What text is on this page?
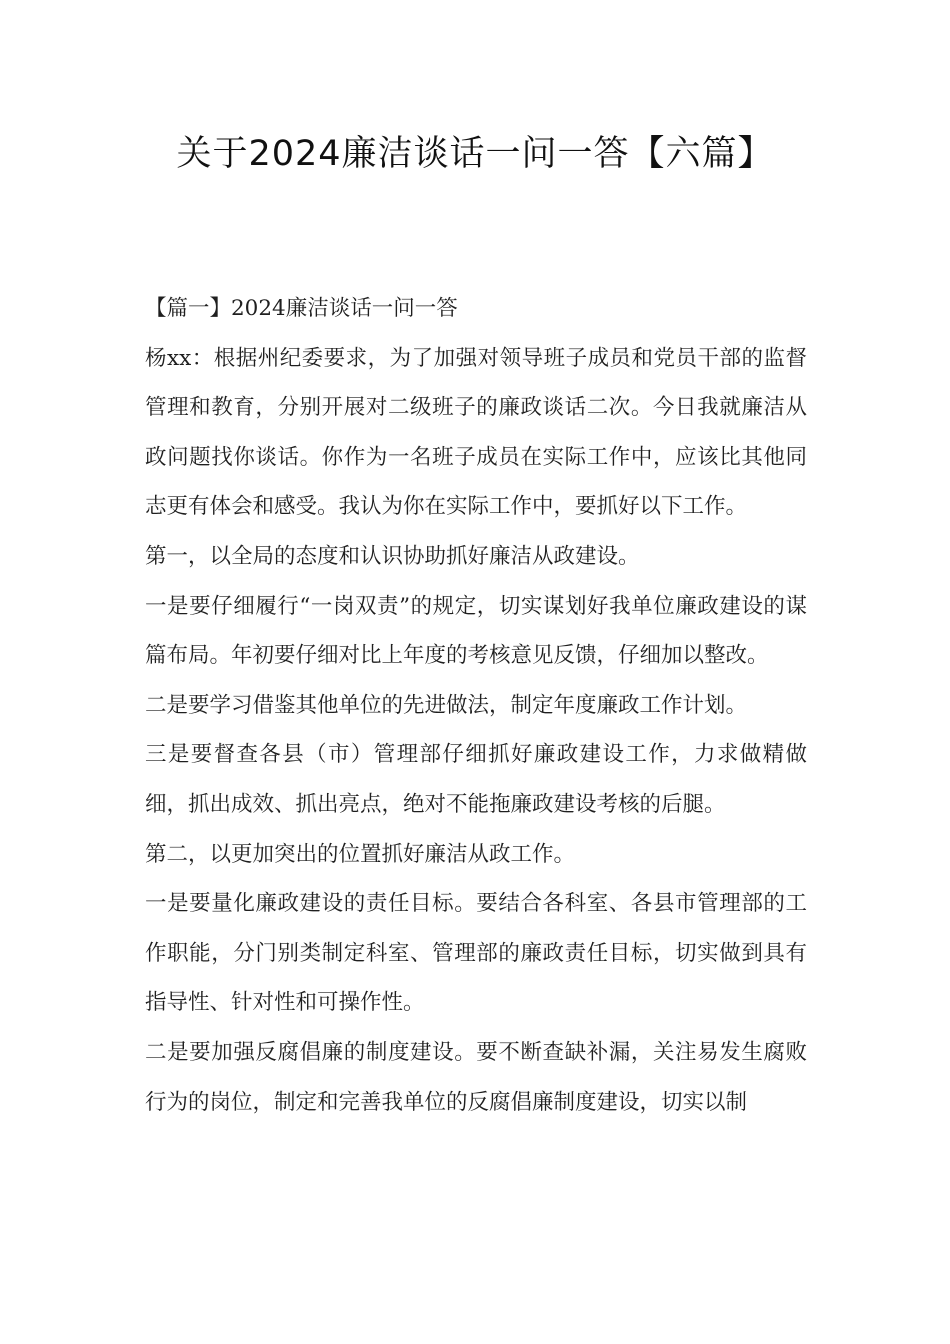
关于2024廉洁谈话一问一答【六篇】

【篇一】2024廉洁谈话一问一答

杨xx：根据州纪委要求，为了加强对领导班子成员和党员干部的监督管理和教育，分别开展对二级班子的廉政谈话二次。今日我就廉洁从政问题找你谈话。你作为一名班子成员在实际工作中，应该比其他同志更有体会和感受。我认为你在实际工作中，要抓好以下工作。

第一，以全局的态度和认识协助抓好廉洁从政建设。

一是要仔细履行“一岗双责”的规定，切实谋划好我单位廉政建设的谋篇布局。年初要仔细对比上年度的考核意见反馈，仔细加以整改。

二是要学习借鉴其他单位的先进做法，制定年度廉政工作计划。

三是要督查各县（市）管理部仔细抓好廉政建设工作，力求做精做细，抓出成效、抓出亮点，绝对不能拖廉政建设考核的后腿。

第二，以更加突出的位置抓好廉洁从政工作。

一是要量化廉政建设的责任目标。要结合各科室、各县市管理部的工作职能，分门别类制定科室、管理部的廉政责任目标，切实做到具有指导性、针对性和可操作性。

二是要加强反腐倡廉的制度建设。要不断查缺补漏，关注易发生腐败行为的岗位，制定和完善我单位的反腐倡廉制度建设，切实以制
